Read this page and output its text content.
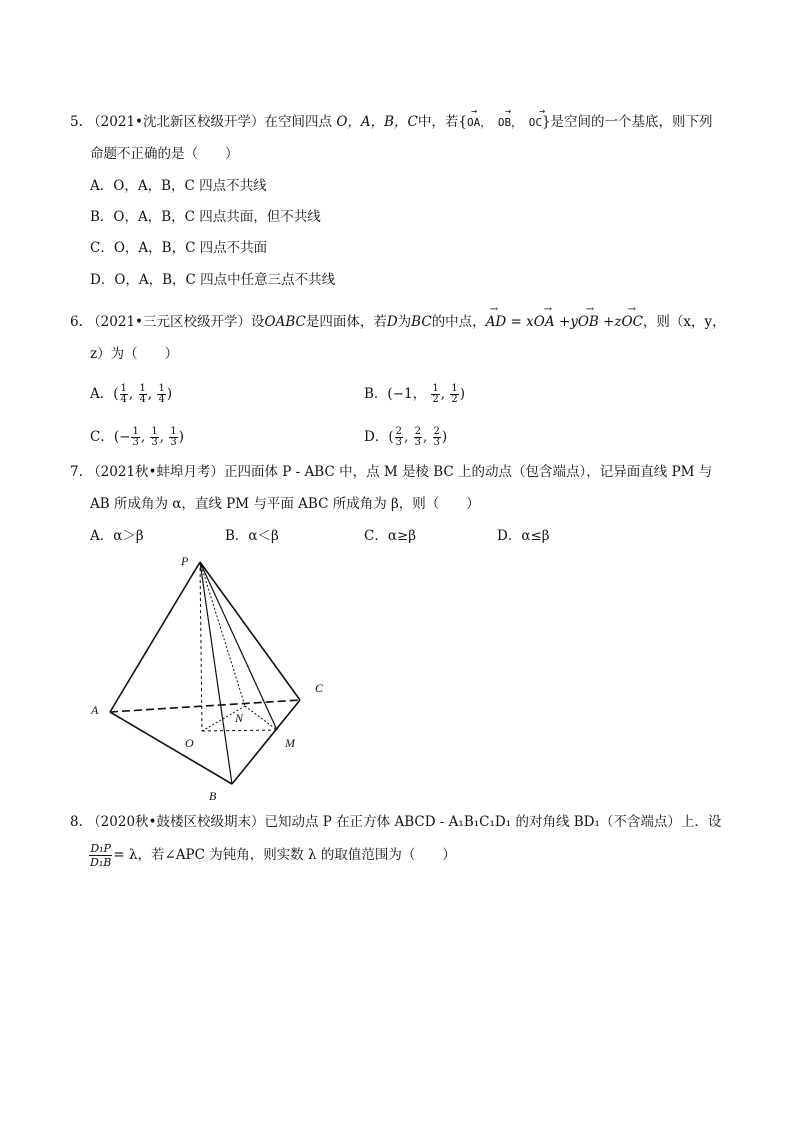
5. （2021•沈北新区校级开学）在空间四点 O，A，B，C中，若{
→	→	→
OA， OB， OC}是空间的一个基底，则下列
命题不正确的是（　　）
A．O，A，B，C 四点不共线
B．O，A，B，C 四点共面，但不共线
C．O，A，B，C 四点不共面
D．O，A，B，C 四点中任意三点不共线
6. （2021•三元区校级开学）设OABC是四面体，若D为BC的中点，
→	→	→	→
AD = xOA +yOB +zOC，则（x，y，
z）为（　　）
A．( $\frac{1}{4}$ , $\frac{1}{4}$ , $\frac{1}{4}$ )	B．(−1， $\frac{1}{2}$ , $\frac{1}{2}$ )
C．(− $\frac{1}{3}$ , $\frac{1}{3}$ , $\frac{1}{3}$ )	D．( $\frac{2}{3}$ , $\frac{2}{3}$ , $\frac{2}{3}$ )
7. （2021秋•蚌埠月考）正四面体 P - ABC 中，点 M 是棱 BC 上的动点（包含端点），记异面直线 PM 与
AB 所成角为 α，直线 PM 与平面 ABC 所成角为 β，则（　　）
A．α＞β	B．α＜β	C．α≥β	D．α≤β
P
A
B
C
N
O	M
8. （2020秋•鼓楼区校级期末）已知动点 P 在正方体 ABCD - A₁B₁C₁D₁ 的对角线 BD₁（不含端点）上．设
$\frac{\text{D₁P}}{\text{D₁B}} = \lambda$，若∠APC 为钝角，则实数 λ 的取值范围为（　　）
